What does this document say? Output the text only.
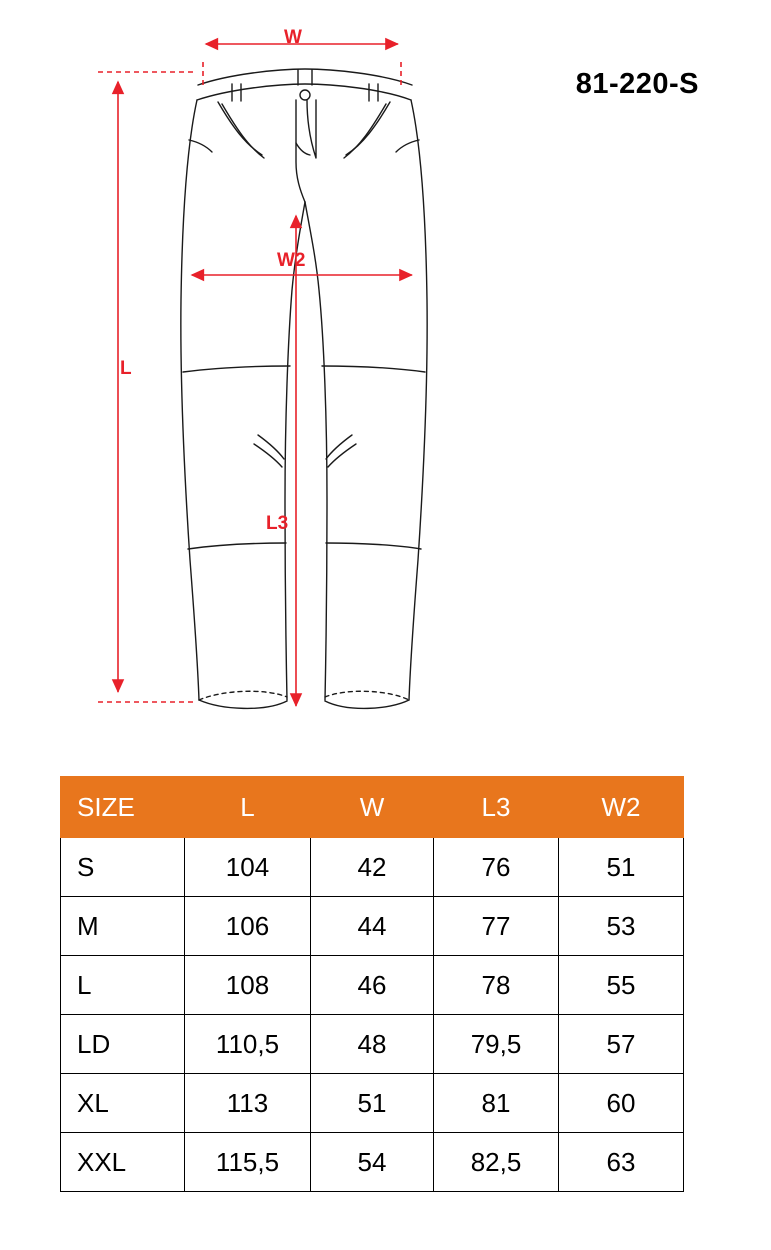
81-220-S
W
W2
L
L3
SIZE	L	W	L3	W2
S	104	42	76	51
M	106	44	77	53
L	108	46	78	55
LD	110,5	48	79,5	57
XL	113	51	81	60
XXL	115,5	54	82,5	63
